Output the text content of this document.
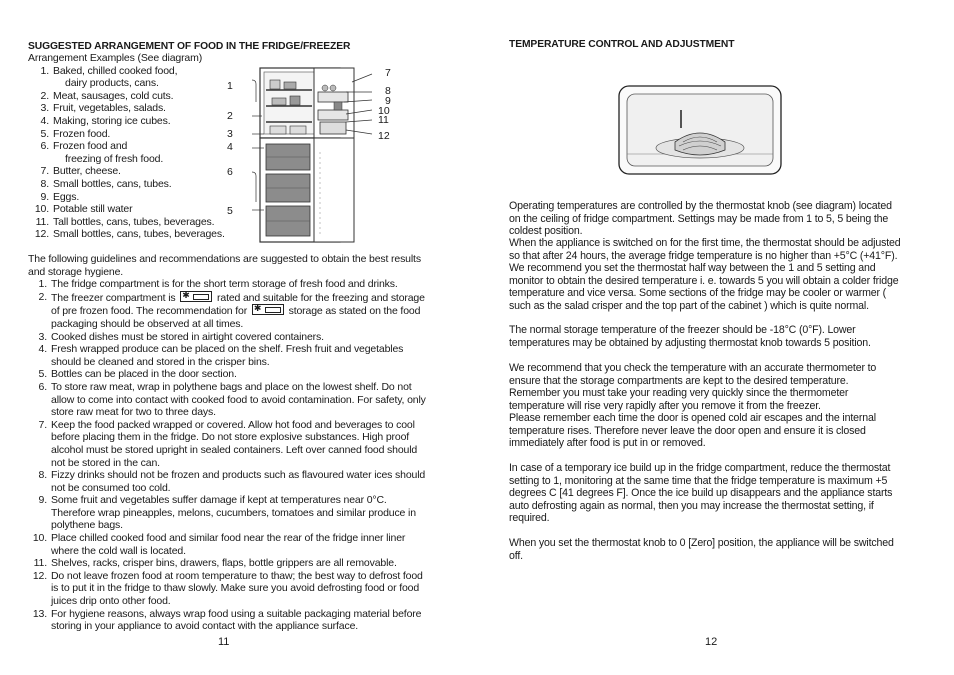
SUGGESTED ARRANGEMENT OF FOOD IN THE FRIDGE/FREEZER
Arrangement Examples (See diagram)
1. Baked, chilled cooked food,
dairy products, cans.
2. Meat, sausages, cold cuts.
3. Fruit, vegetables, salads.
4. Making, storing ice cubes.
5. Frozen food.
6. Frozen food and
freezing of fresh food.
7. Butter, cheese.
8. Small bottles, cans, tubes.
9. Eggs.
10. Potable still water
11. Tall bottles, cans, tubes, beverages.
12. Small bottles, cans, tubes, beverages.
1
2
3
4
6
5
7
8
9
10
11
12
The following guidelines and recommendations are suggested to obtain the best results and storage hygiene.
1. The fridge compartment is for the short term storage of fresh food and drinks.
2. The freezer compartment is ✱	rated and suitable for the freezing and storage of pre frozen food. The recommendation for ✱	storage as stated on the food packaging should be observed at all times.
3. Cooked dishes must be stored in airtight covered containers.
4. Fresh wrapped produce can be placed on the shelf. Fresh fruit and vegetables should be cleaned and stored in the crisper bins.
5. Bottles can be placed in the door section.
6. To store raw meat, wrap in polythene bags and place on the lowest shelf. Do not allow to come into contact with cooked food to avoid contamination. For safety, only store raw meat for two to three days.
7. Keep the food packed wrapped or covered. Allow hot food and beverages to cool before placing them in the fridge. Do not store explosive substances. High proof alcohol must be stored upright in sealed containers. Left over canned food should not be stored in the can.
8. Fizzy drinks should not be frozen and products such as flavoured water ices should not be consumed too cold.
9. Some fruit and vegetables suffer damage if kept at temperatures near 0°C. Therefore wrap pineapples, melons, cucumbers, tomatoes and similar produce in polythene bags.
10. Place chilled cooked food and similar food near the rear of the fridge inner liner where the cold wall is located.
11. Shelves, racks, crisper bins, drawers, flaps, bottle grippers are all removable.
12. Do not leave frozen food at room temperature to thaw; the best way to defrost food is to put it in the fridge to thaw slowly. Make sure you avoid defrosting food or food juices drip onto other food.
13. For hygiene reasons, always wrap food using a suitable packaging material before storing in your appliance to avoid contact with the appliance surface.
11
TEMPERATURE CONTROL AND ADJUSTMENT
Operating temperatures are controlled by the thermostat knob (see diagram) located on the ceiling of fridge compartment. Settings may be made from 1 to 5, 5 being the coldest position.
When the appliance is switched on for the first time, the thermostat should be adjusted so that after 24 hours, the average fridge temperature is no higher than +5°C (+41°F). We recommend you set the thermostat half way between the 1 and 5 setting and monitor to obtain the desired temperature i. e. towards 5 you will obtain a colder fridge temperature and vice versa. Some sections of the fridge may be cooler or warmer ( such as the salad crisper and the top part of the cabinet ) which is quite normal.
The normal storage temperature of the freezer should be -18°C (0°F). Lower temperatures may be obtained by adjusting thermostat knob towards 5 position.
We recommend that you check the temperature with an accurate thermometer to ensure that the storage compartments are kept to the desired temperature. Remember you must take your reading very quickly since the thermometer temperature will rise very rapidly after you remove it from the freezer.
Please remember each time the door is opened cold air escapes and the internal temperature rises. Therefore never leave the door open and ensure it is closed immediately after food is put in or removed.
In case of a temporary ice build up in the fridge compartment, reduce the thermostat setting to 1, monitoring at the same time that the fridge temperature is maximum +5 degrees C [41 degrees F]. Once the ice build up disappears and the appliance starts auto defrosting again as normal, then you may increase the thermostat setting, if required.
When you set the thermostat knob to 0 [Zero] position, the appliance will be switched off.
12
